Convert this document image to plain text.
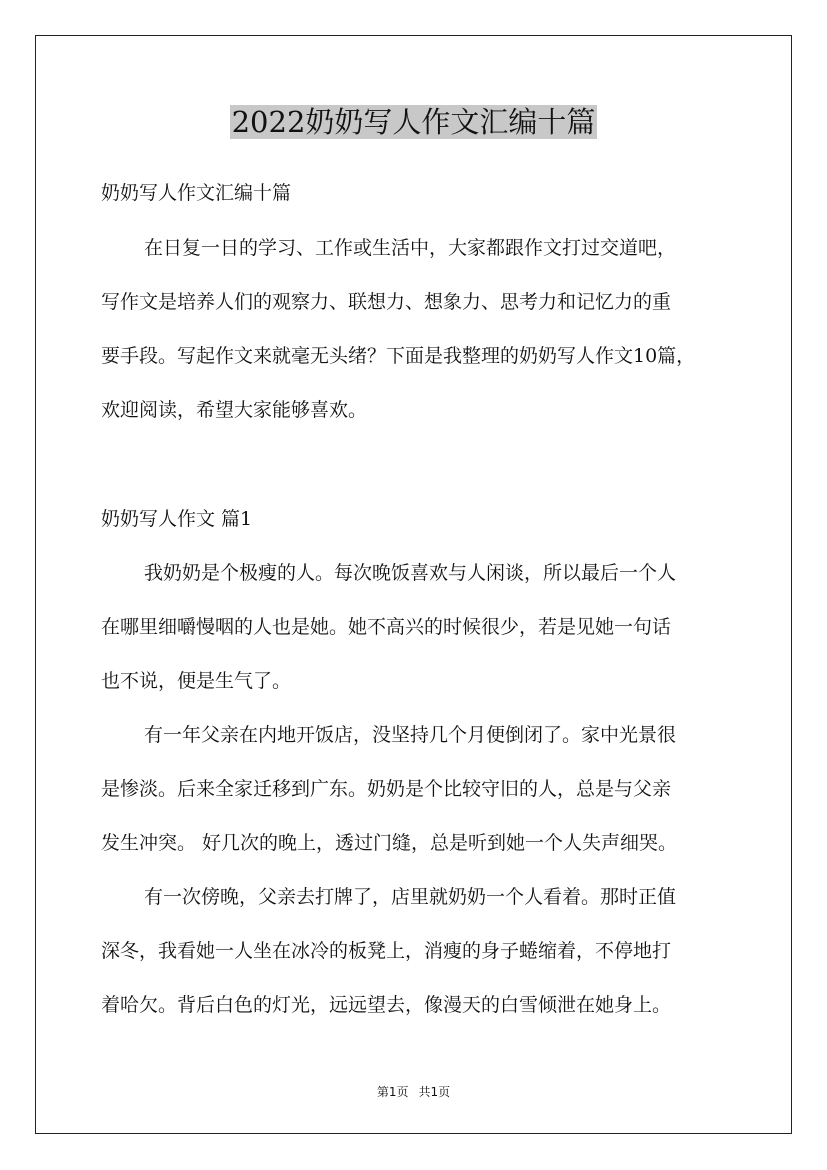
2022奶奶写人作文汇编十篇
奶奶写人作文汇编十篇
在日复一日的学习、工作或生活中，大家都跟作文打过交道吧，
写作文是培养人们的观察力、联想力、想象力、思考力和记忆力的重
要手段。写起作文来就毫无头绪？下面是我整理的奶奶写人作文10篇，
欢迎阅读，希望大家能够喜欢。
奶奶写人作文 篇1
我奶奶是个极瘦的人。每次晚饭喜欢与人闲谈，所以最后一个人
在哪里细嚼慢咽的人也是她。她不高兴的时候很少，若是见她一句话
也不说，便是生气了。
有一年父亲在内地开饭店，没坚持几个月便倒闭了。家中光景很
是惨淡。后来全家迁移到广东。奶奶是个比较守旧的人，总是与父亲
发生冲突。 好几次的晚上，透过门缝，总是听到她一个人失声细哭。
有一次傍晚，父亲去打牌了，店里就奶奶一个人看着。那时正值
深冬，我看她一人坐在冰冷的板凳上，消瘦的身子蜷缩着，不停地打
着哈欠。背后白色的灯光，远远望去，像漫天的白雪倾泄在她身上。
第1页 共1页
